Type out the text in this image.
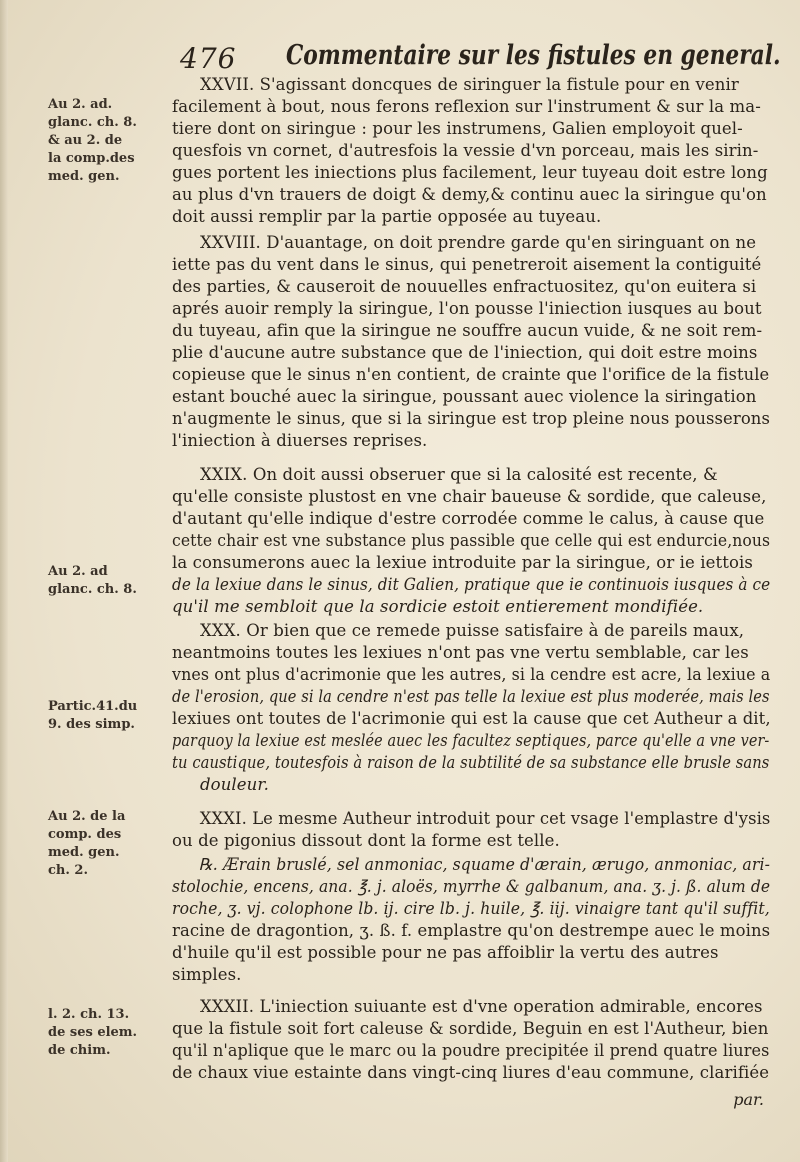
476 Commentaire sur les fistules en general.
Au 2. ad.
glanc. ch. 8.
& au 2. de
la comp.des
med. gen.
Au 2. ad
glanc. ch. 8.
Partic.41.du
9. des simp.
Au 2. de la
comp. des
med. gen.
ch. 2.
l. 2. ch. 13.
de ses elem.
de chim.
XXVII. S'agissant doncques de siringuer la fistule pour en venir
facilement à bout, nous ferons reflexion sur l'instrument & sur la ma-
tiere dont on siringue : pour les instrumens, Galien employoit quel-
quesfois vn cornet, d'autresfois la vessie d'vn porceau, mais les sirin-
gues portent les iniections plus facilement, leur tuyeau doit estre long
au plus d'vn trauers de doigt & demy,& continu auec la siringue qu'on
doit aussi remplir par la partie opposée au tuyeau.
XXVIII. D'auantage, on doit prendre garde qu'en siringuant on ne
iette pas du vent dans le sinus, qui penetreroit aisement la contiguité
des parties, & causeroit de nouuelles enfractuositez, qu'on euitera si
aprés auoir remply la siringue, l'on pousse l'iniection iusques au bout
du tuyeau, afin que la siringue ne souffre aucun vuide, & ne soit rem-
plie d'aucune autre substance que de l'iniection, qui doit estre moins
copieuse que le sinus n'en contient, de crainte que l'orifice de la fistule
estant bouché auec la siringue, poussant auec violence la siringation
n'augmente le sinus, que si la siringue est trop pleine nous pousserons
l'iniection à diuerses reprises.
XXIX. On doit aussi obseruer que si la calosité est recente, &
qu'elle consiste plustost en vne chair baueuse & sordide, que caleuse,
d'autant qu'elle indique d'estre corrodée comme le calus, à cause que
cette chair est vne substance plus passible que celle qui est endurcie,nous
la consumerons auec la lexiue introduite par la siringue, or ie iettois
de la lexiue dans le sinus, dit Galien, pratique que ie continuois iusques à ce
qu'il me sembloit que la sordicie estoit entierement mondifiée.
XXX. Or bien que ce remede puisse satisfaire à de pareils maux,
neantmoins toutes les lexiues n'ont pas vne vertu semblable, car les
vnes ont plus d'acrimonie que les autres, si la cendre est acre, la lexiue a
de l'erosion, que si la cendre n'est pas telle la lexiue est plus moderée, mais les
lexiues ont toutes de l'acrimonie qui est la cause que cet Autheur a dit,
parquoy la lexiue est meslée auec les facultez septiques, parce qu'elle a vne ver-
tu caustique, toutesfois à raison de la subtilité de sa substance elle brusle sans
douleur.
XXXI. Le mesme Autheur introduit pour cet vsage l'emplastre d'ysis
ou de pigonius dissout dont la forme est telle.
℞. Ærain bruslé, sel anmoniac, squame d'ærain, ærugo, anmoniac, ari-
stolochie, encens, ana. ℥. j. aloës, myrrhe & galbanum, ana. ʒ. j. ß. alum de
roche, ʒ. vj. colophone lb. ij. cire lb. j. huile, ℥. iij. vinaigre tant qu'il suffit,
racine de dragontion, ʒ. ß. f. emplastre qu'on destrempe auec le moins
d'huile qu'il est possible pour ne pas affoiblir la vertu des autres
simples.
XXXII. L'iniection suiuante est d'vne operation admirable, encores
que la fistule soit fort caleuse & sordide, Beguin en est l'Autheur, bien
qu'il n'aplique que le marc ou la poudre precipitée il prend quatre liures
de chaux viue estainte dans vingt-cinq liures d'eau commune, clarifiée
par.
